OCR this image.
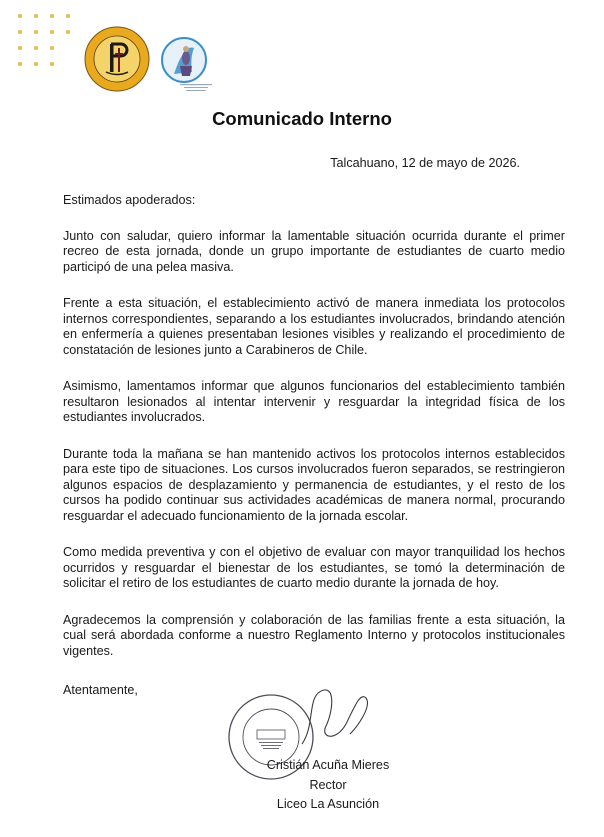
Comunicado Interno
Talcahuano, 12 de mayo de 2026.

Estimados apoderados:

Junto con saludar, quiero informar la lamentable situación ocurrida durante el primer recreo de esta jornada, donde un grupo importante de estudiantes de cuarto medio participó de una pelea masiva.

Frente a esta situación, el establecimiento activó de manera inmediata los protocolos internos correspondientes, separando a los estudiantes involucrados, brindando atención en enfermería a quienes presentaban lesiones visibles y realizando el procedimiento de constatación de lesiones junto a Carabineros de Chile.

Asimismo, lamentamos informar que algunos funcionarios del establecimiento también resultaron lesionados al intentar intervenir y resguardar la integridad física de los estudiantes involucrados.

Durante toda la mañana se han mantenido activos los protocolos internos establecidos para este tipo de situaciones. Los cursos involucrados fueron separados, se restringieron algunos espacios de desplazamiento y permanencia de estudiantes, y el resto de los cursos ha podido continuar sus actividades académicas de manera normal, procurando resguardar el adecuado funcionamiento de la jornada escolar.

Como medida preventiva y con el objetivo de evaluar con mayor tranquilidad los hechos ocurridos y resguardar el bienestar de los estudiantes, se tomó la determinación de solicitar el retiro de los estudiantes de cuarto medio durante la jornada de hoy.

Agradecemos la comprensión y colaboración de las familias frente a esta situación, la cual será abordada conforme a nuestro Reglamento Interno y protocolos institucionales vigentes.

Atentamente,
Cristián Acuña Mieres
Rector
Liceo La Asunción
